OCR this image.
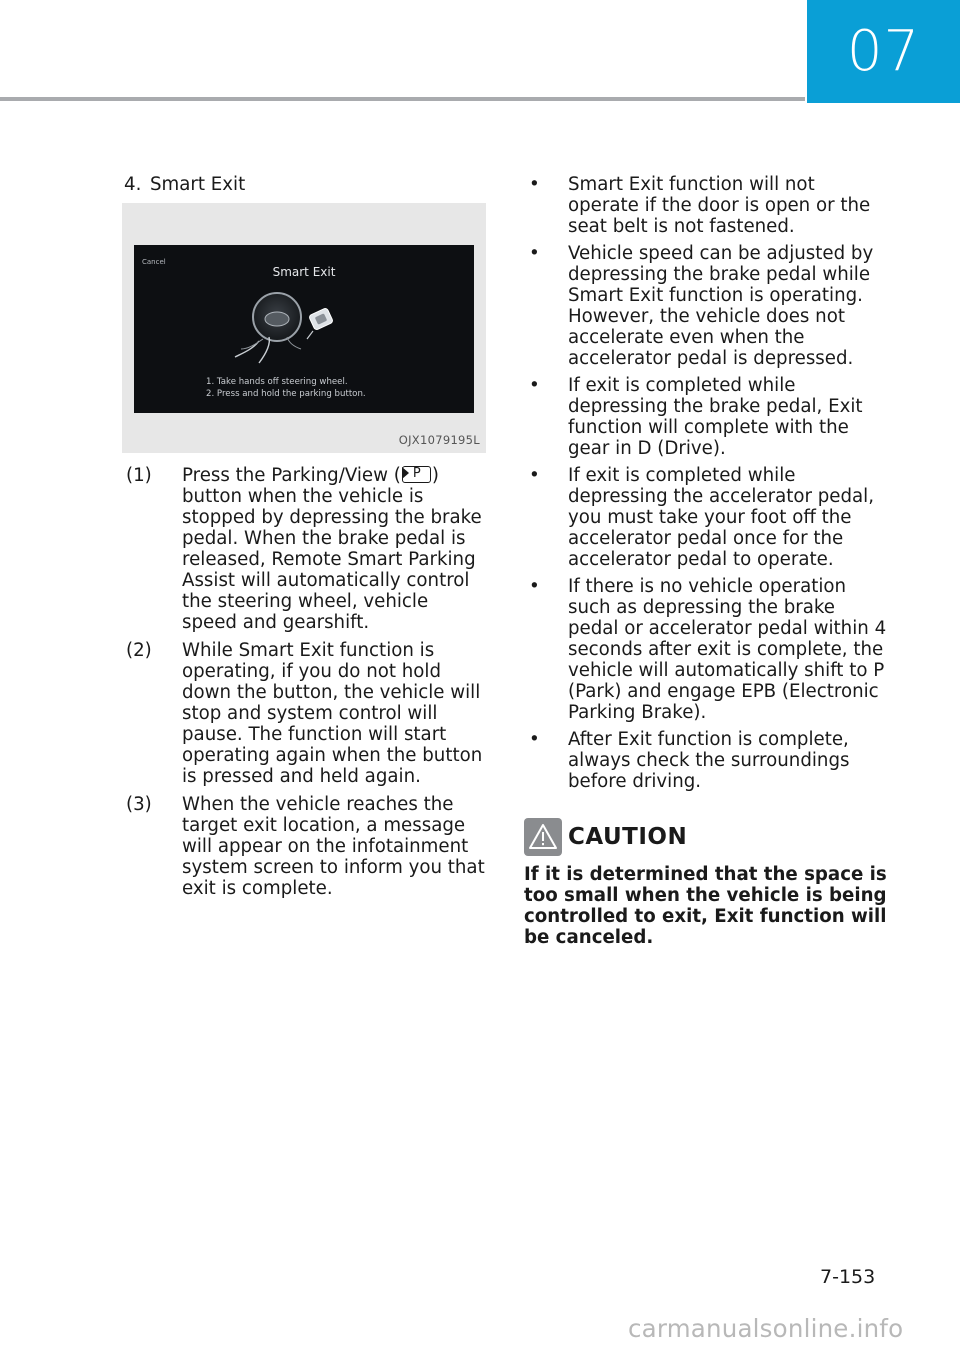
07
4. Smart Exit
Cancel
Smart Exit
1. Take hands off steering wheel.
2. Press and hold the parking button.
OJX1079195L
(1)	Press the Parking/View ( P ) button when the vehicle is stopped by depressing the brake pedal. When the brake pedal is released, Remote Smart Parking Assist will automatically control the steering wheel, vehicle speed and gearshift.
(2)	While Smart Exit function is operating, if you do not hold down the button, the vehicle will stop and system control will pause. The function will start operating again when the button is pressed and held again.
(3)	When the vehicle reaches the target exit location, a message will appear on the infotainment system screen to inform you that exit is complete.
• Smart Exit function will not operate if the door is open or the seat belt is not fastened.
• Vehicle speed can be adjusted by depressing the brake pedal while Smart Exit function is operating. However, the vehicle does not accelerate even when the accelerator pedal is depressed.
• If exit is completed while depressing the brake pedal, Exit function will complete with the gear in D (Drive).
• If exit is completed while depressing the accelerator pedal, you must take your foot off the accelerator pedal once for the accelerator pedal to operate.
• If there is no vehicle operation such as depressing the brake pedal or accelerator pedal within 4 seconds after exit is complete, the vehicle will automatically shift to P (Park) and engage EPB (Electronic Parking Brake).
• After Exit function is complete, always check the surroundings before driving.
CAUTION
If it is determined that the space is too small when the vehicle is being controlled to exit, Exit function will be canceled.
7-153
carmanualsonline.info
